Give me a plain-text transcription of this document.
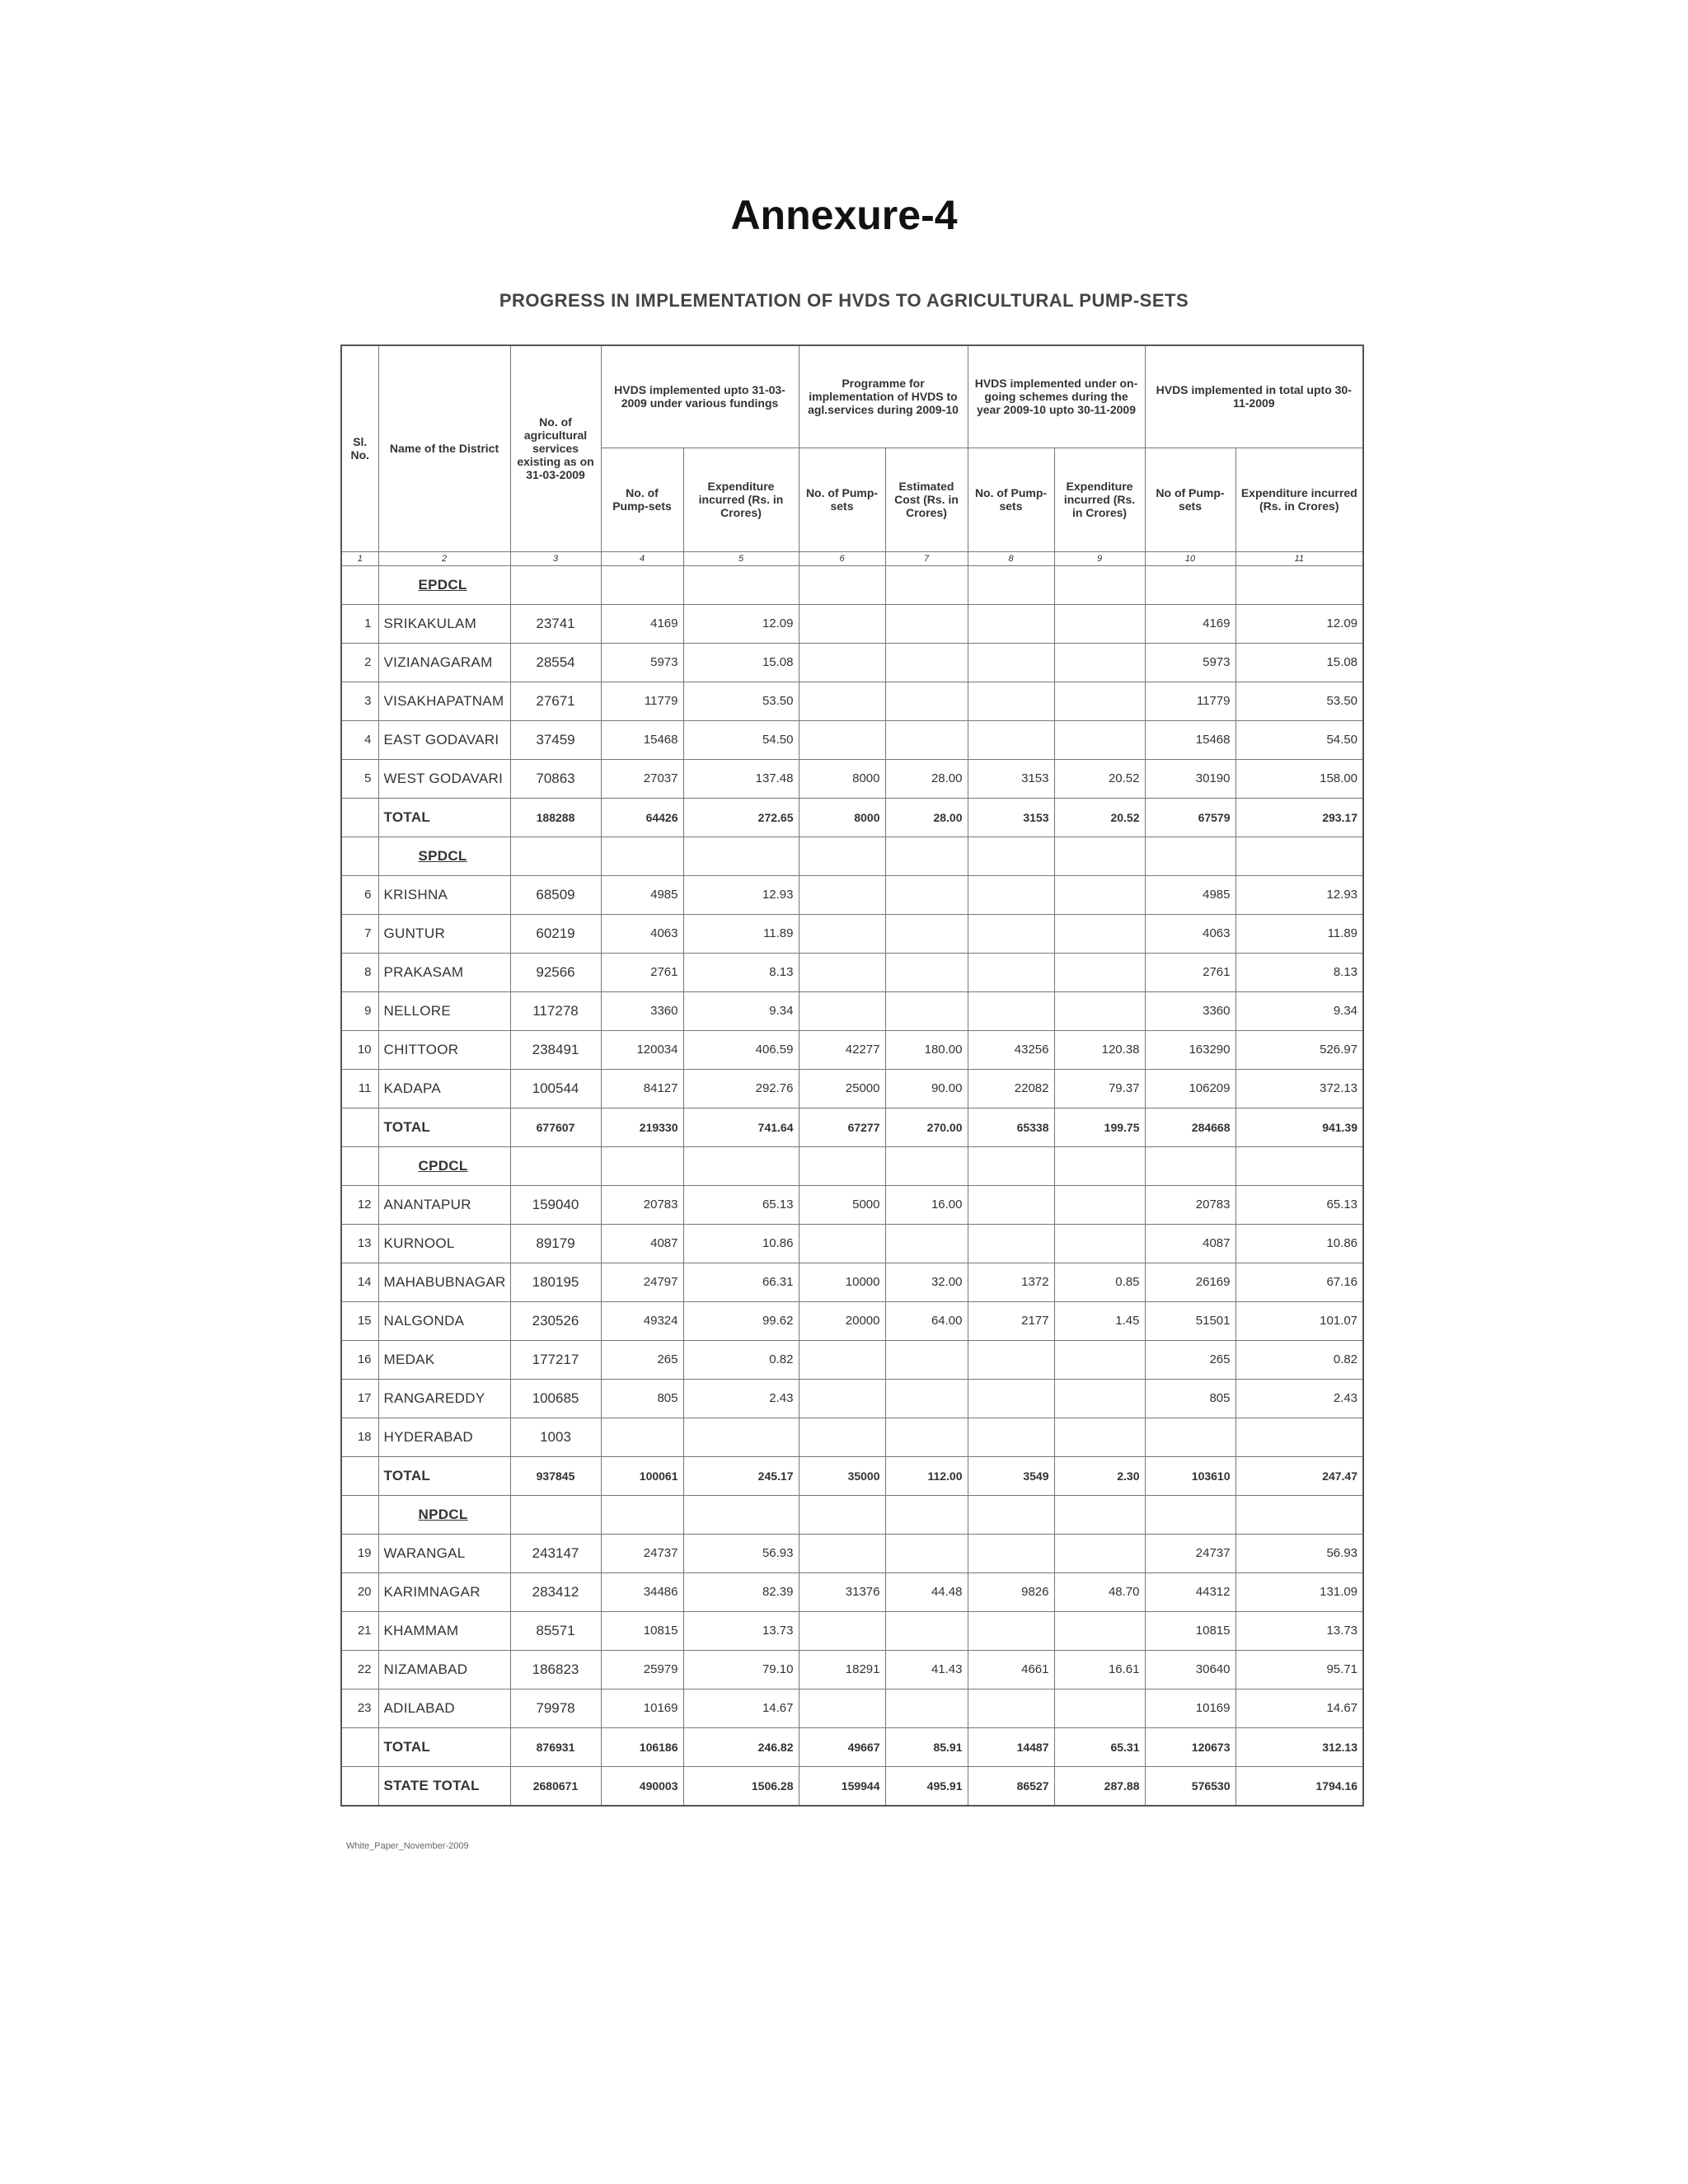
Annexure-4
PROGRESS IN IMPLEMENTATION OF HVDS TO AGRICULTURAL PUMP-SETS
Sl. No.	Name of the District	No. of agricultural services existing as on 31-03-2009	HVDS implemented upto 31-03-2009 under various fundings		Programme for implementation of HVDS to agl.services during 2009-10		HVDS implemented under on-going schemes during the year 2009-10 upto 30-11-2009		HVDS implemented in total upto 30-11-2009	
			No. of Pump-sets	Expenditure incurred (Rs. in Crores)	No. of Pump-sets	Estimated Cost (Rs. in Crores)	No. of Pump-sets	Expenditure incurred (Rs. in Crores)	No of Pump-sets	Expenditure incurred (Rs. in Crores)
1	2	3	4	5	6	7	8	9	10	11
	EPDCL									
1	SRIKAKULAM	23741	4169	12.09					4169	12.09
2	VIZIANAGARAM	28554	5973	15.08					5973	15.08
3	VISAKHAPATNAM	27671	11779	53.50					11779	53.50
4	EAST GODAVARI	37459	15468	54.50					15468	54.50
5	WEST GODAVARI	70863	27037	137.48	8000	28.00	3153	20.52	30190	158.00
	TOTAL	188288	64426	272.65	8000	28.00	3153	20.52	67579	293.17
	SPDCL									
6	KRISHNA	68509	4985	12.93					4985	12.93
7	GUNTUR	60219	4063	11.89					4063	11.89
8	PRAKASAM	92566	2761	8.13					2761	8.13
9	NELLORE	117278	3360	9.34					3360	9.34
10	CHITTOOR	238491	120034	406.59	42277	180.00	43256	120.38	163290	526.97
11	KADAPA	100544	84127	292.76	25000	90.00	22082	79.37	106209	372.13
	TOTAL	677607	219330	741.64	67277	270.00	65338	199.75	284668	941.39
	CPDCL									
12	ANANTAPUR	159040	20783	65.13	5000	16.00			20783	65.13
13	KURNOOL	89179	4087	10.86					4087	10.86
14	MAHABUBNAGAR	180195	24797	66.31	10000	32.00	1372	0.85	26169	67.16
15	NALGONDA	230526	49324	99.62	20000	64.00	2177	1.45	51501	101.07
16	MEDAK	177217	265	0.82					265	0.82
17	RANGAREDDY	100685	805	2.43					805	2.43
18	HYDERABAD	1003								
	TOTAL	937845	100061	245.17	35000	112.00	3549	2.30	103610	247.47
	NPDCL									
19	WARANGAL	243147	24737	56.93					24737	56.93
20	KARIMNAGAR	283412	34486	82.39	31376	44.48	9826	48.70	44312	131.09
21	KHAMMAM	85571	10815	13.73					10815	13.73
22	NIZAMABAD	186823	25979	79.10	18291	41.43	4661	16.61	30640	95.71
23	ADILABAD	79978	10169	14.67					10169	14.67
	TOTAL	876931	106186	246.82	49667	85.91	14487	65.31	120673	312.13
	STATE TOTAL	2680671	490003	1506.28	159944	495.91	86527	287.88	576530	1794.16
White_Paper_November-2009
